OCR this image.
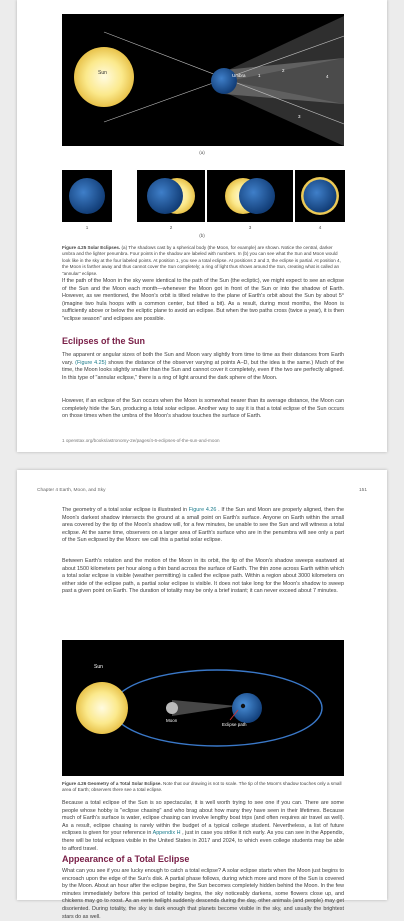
Sun	Umbra	1
2
3
4
(a)
1	2	3	4
(b)
Figure 4.25 Solar Eclipses. (a) The shadows cast by a spherical body (the Moon, for example) are shown. Notice the central, darker umbra and the lighter penumbra. Four points in the shadow are labeled with numbers. In (b) you can see what the Sun and Moon would look like in the sky at the four labeled points. At position 1, you see a total eclipse. At positions 2 and 3, the eclipse is partial. At position 4, the Moon is farther away and thus cannot cover the Sun completely; a ring of light thus shows around the Sun, creating what is called an "annular" eclipse.
If the path of the Moon in the sky were identical to the path of the Sun (the ecliptic), we might expect to see an eclipse of the Sun and the Moon each month—whenever the Moon got in front of the Sun or into the shadow of Earth. However, as we mentioned, the Moon's orbit is tilted relative to the plane of Earth's orbit about the Sun by about 5° (imagine two hula hoops with a common center, but tilted a bit). As a result, during most months, the Moon is sufficiently above or below the ecliptic plane to avoid an eclipse. But when the two paths cross (twice a year), it is then "eclipse season" and eclipses are possible.
Eclipses of the Sun
The apparent or angular sizes of both the Sun and Moon vary slightly from time to time as their distances from Earth vary. (Figure 4.25) shows the distance of the observer varying at points A–D, but the idea is the same.) Much of the time, the Moon looks slightly smaller than the Sun and cannot cover it completely, even if the two are perfectly aligned. In this type of "annular eclipse," there is a ring of light around the dark sphere of the Moon.
However, if an eclipse of the Sun occurs when the Moon is somewhat nearer than its average distance, the Moon can completely hide the Sun, producing a total solar eclipse. Another way to say it is that a total eclipse of the Sun occurs on those times when the umbra of the Moon's shadow touches the surface of Earth.
1 openstax.org/books/astronomy-2e/pages/4-6-eclipses-of-the-sun-and-moon
Chapter 4 Earth, Moon, and Sky	151
The geometry of a total solar eclipse is illustrated in Figure 4.26 . If the Sun and Moon are properly aligned, then the Moon's darkest shadow intersects the ground at a small point on Earth's surface. Anyone on Earth within the small area covered by the tip of the Moon's shadow will, for a few minutes, be unable to see the Sun and will witness a total eclipse. At the same time, observers on a larger area of Earth's surface who are in the penumbra will see only a part of the Sun eclipsed by the Moon: we call this a partial solar eclipse.
Between Earth's rotation and the motion of the Moon in its orbit, the tip of the Moon's shadow sweeps eastward at about 1500 kilometers per hour along a thin band across the surface of Earth. The thin zone across Earth within which a total solar eclipse is visible (weather permitting) is called the eclipse path. Within a region about 3000 kilometers on either side of the eclipse path, a partial solar eclipse is visible. It does not take long for the Moon's shadow to sweep past a given point on Earth. The duration of totality may be only a brief instant; it can never exceed about 7 minutes.
Sun
Moon
Eclipse path
Figure 4.26 Geometry of a Total Solar Eclipse. Note that our drawing is not to scale. The tip of the Moon's shadow touches only a small area of Earth; observers there see a total eclipse.
Because a total eclipse of the Sun is so spectacular, it is well worth trying to see one if you can. There are some people whose hobby is "eclipse chasing" and who brag about how many they have seen in their lifetimes. Because much of Earth's surface is water, eclipse chasing can involve lengthy boat trips (and often requires air travel as well). As a result, eclipse chasing is rarely within the budget of a typical college student. Nevertheless, a list of future eclipses is given for your reference in Appendix H , just in case you strike it rich early. As you can see in the Appendix, there will be total eclipses visible in the United States in 2017 and 2024, to which even college students may be able to afford travel.
Appearance of a Total Eclipse
What can you see if you are lucky enough to catch a total eclipse? A solar eclipse starts when the Moon just begins to encroach upon the edge of the Sun's disk. A partial phase follows, during which more and more of the Sun is covered by the Moon. About an hour after the eclipse begins, the Sun becomes completely hidden behind the Moon. In the few minutes immediately before this period of totality begins, the sky noticeably darkens, some flowers close up, and chickens may go to roost. As an eerie twilight suddenly descends during the day, other animals (and people) may get disoriented. During totality, the sky is dark enough that planets become visible in the sky, and usually the brightest stars do as well.
